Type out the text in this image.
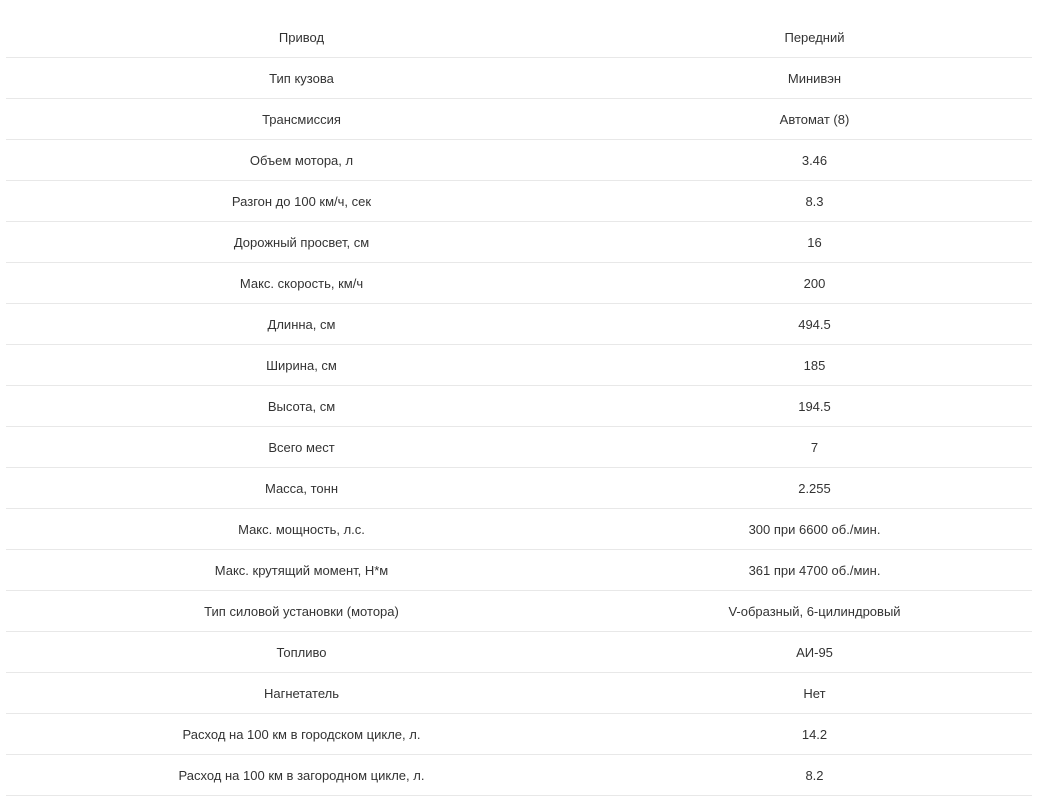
Привод	Передний
Тип кузова	Минивэн
Трансмиссия	Автомат (8)
Объем мотора, л	3.46
Разгон до 100 км/ч, сек	8.3
Дорожный просвет, см	16
Макс. скорость, км/ч	200
Длинна, см	494.5
Ширина, см	185
Высота, см	194.5
Всего мест	7
Масса, тонн	2.255
Макс. мощность, л.с.	300 при 6600 об./мин.
Макс. крутящий момент, Н*м	361 при 4700 об./мин.
Тип силовой установки (мотора)	V-образный, 6-цилиндровый
Топливо	АИ-95
Нагнетатель	Нет
Расход на 100 км в городском цикле, л.	14.2
Расход на 100 км в загородном цикле, л.	8.2
